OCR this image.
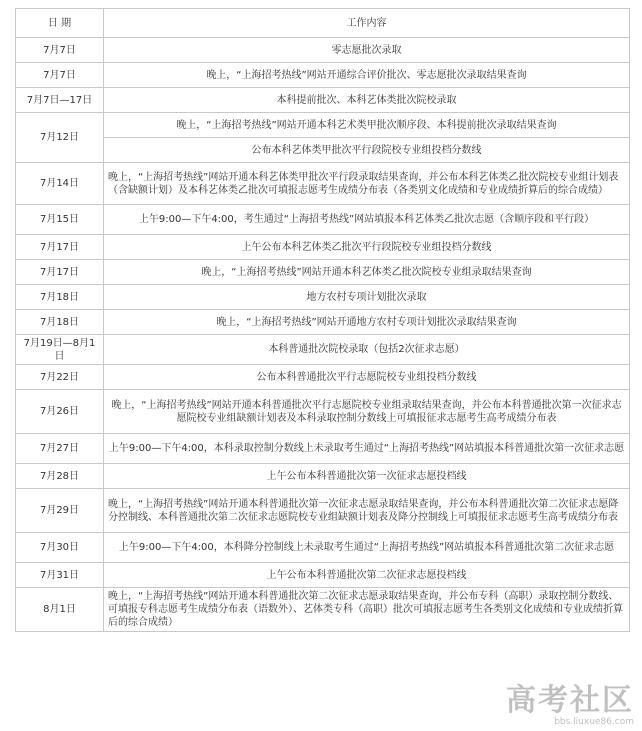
日 期	工作内容
7月7日	零志愿批次录取
7月7日	晚上，“上海招考热线”网站开通综合评价批次、零志愿批次录取结果查询
7月7日—17日	本科提前批次、本科艺体类批次院校录取
7月12日	晚上，“上海招考热线”网站开通本科艺术类甲批次顺序段、本科提前批次录取结果查询
	公布本科艺体类甲批次平行段院校专业组投档分数线
7月14日	晚上，“上海招考热线”网站开通本科艺体类甲批次平行段录取结果查询，并公布本科艺体类乙批次院校专业组计划表（含缺额计划）及本科艺体类乙批次可填报志愿考生成绩分布表（各类别文化成绩和专业成绩折算后的综合成绩）
7月15日	上午9:00—下午4:00，考生通过“上海招考热线”网站填报本科艺体类乙批次志愿（含顺序段和平行段）
7月17日	上午公布本科艺体类乙批次平行段院校专业组投档分数线
7月17日	晚上，“上海招考热线”网站开通本科艺体类乙批次院校专业组录取结果查询
7月18日	地方农村专项计划批次录取
7月18日	晚上，“上海招考热线”网站开通地方农村专项计划批次录取结果查询
7月19日—8月1日	本科普通批次院校录取（包括2次征求志愿）
7月22日	公布本科普通批次平行志愿院校专业组投档分数线
7月26日	晚上，“上海招考热线”网站开通本科普通批次平行志愿院校专业组录取结果查询，并公布本科普通批次第一次征求志愿院校专业组缺额计划表及本科录取控制分数线上可填报征求志愿考生高考成绩分布表
7月27日	上午9:00—下午4:00，本科录取控制分数线上未录取考生通过“上海招考热线”网站填报本科普通批次第一次征求志愿
7月28日	上午公布本科普通批次第一次征求志愿投档线
7月29日	晚上，“上海招考热线”网站开通本科普通批次第一次征求志愿录取结果查询，并公布本科普通批次第二次征求志愿降分控制线、本科普通批次第二次征求志愿院校专业组缺额计划表及降分控制线上可填报征求志愿考生高考成绩分布表
7月30日	上午9:00—下午4:00，本科降分控制线上未录取考生通过“上海招考热线”网站填报本科普通批次第二次征求志愿
7月31日	上午公布本科普通批次第二次征求志愿投档线
8月1日	晚上，“上海招考热线”网站开通本科普通批次第二次征求志愿录取结果查询，并公布专科（高职）录取控制分数线、可填报专科志愿考生成绩分布表（语数外）、艺体类专科（高职）批次可填报志愿考生各类别文化成绩和专业成绩折算后的综合成绩）
高考社区
bbs.liuxue86.com
